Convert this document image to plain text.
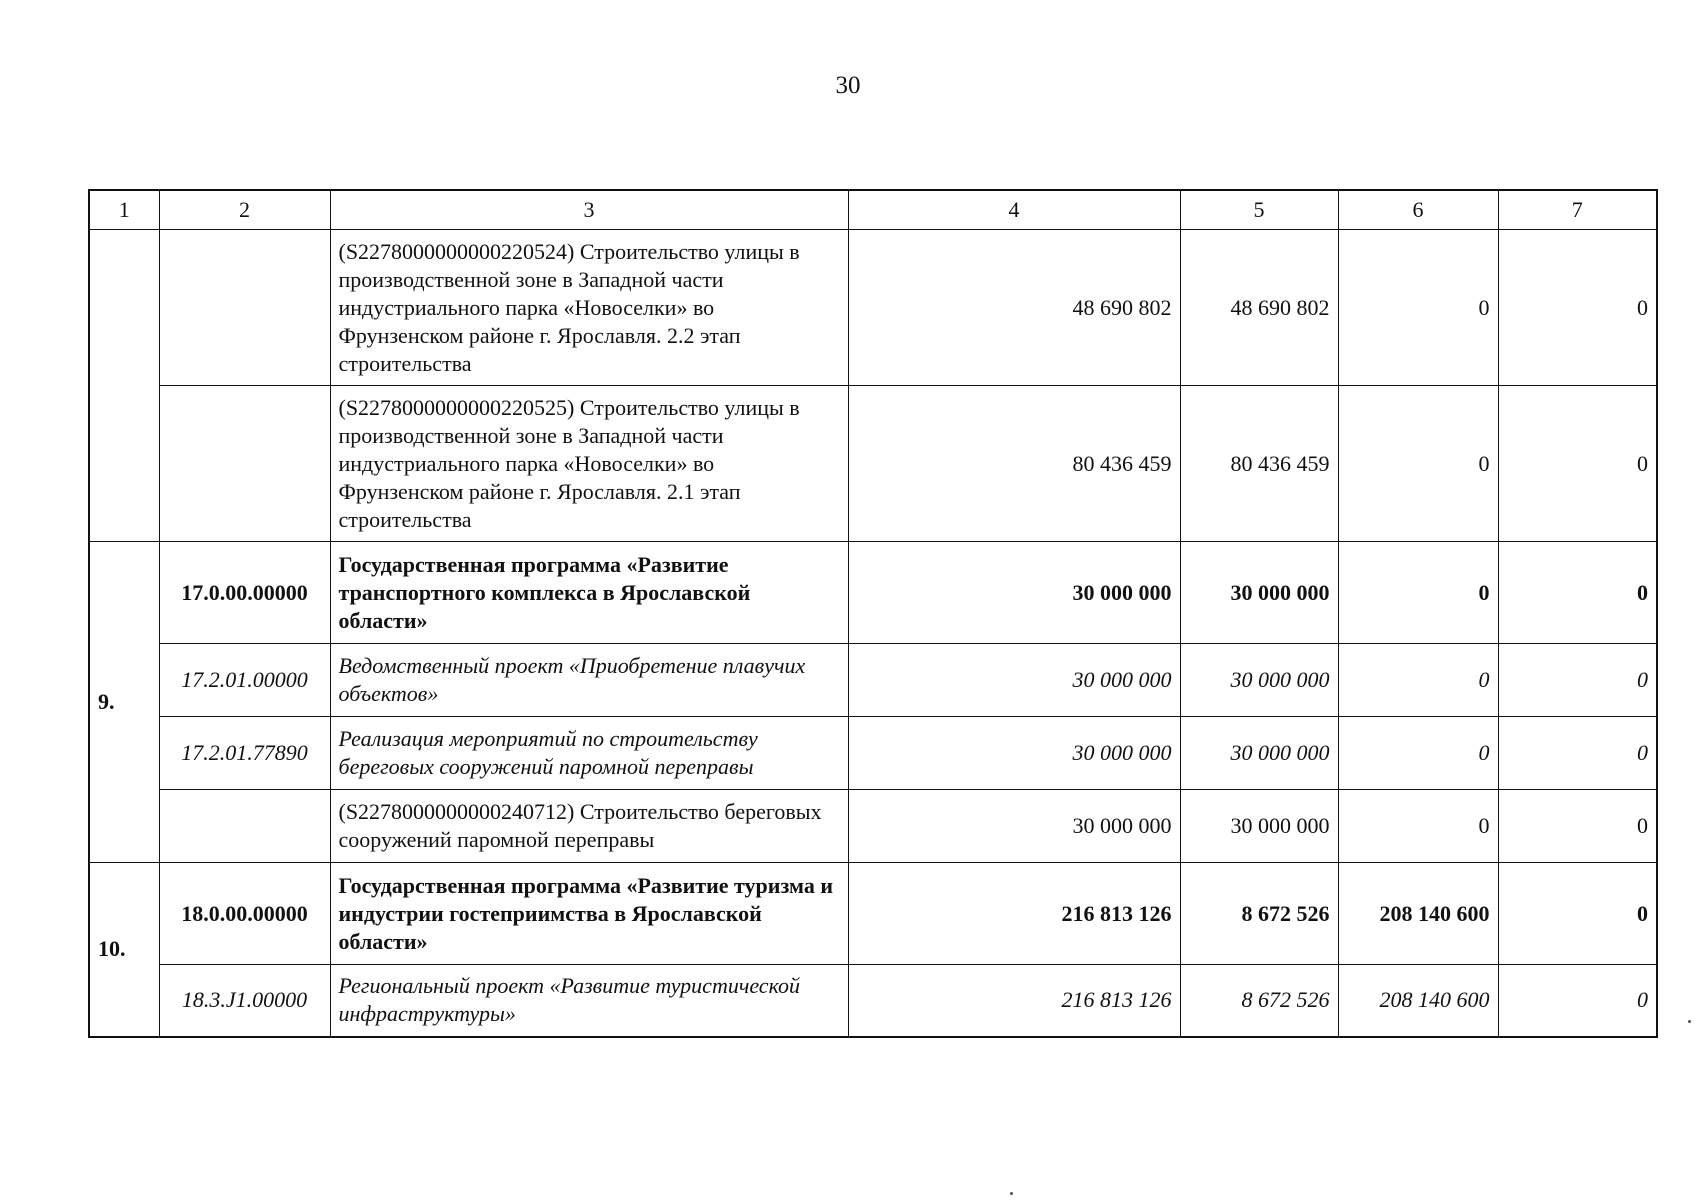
30
1	2	3	4	5	6	7
		(S2278000000000220524) Строительство улицы в производственной зоне в Западной части индустриального парка «Новоселки» во Фрунзенском районе г. Ярославля. 2.2 этап строительства	48 690 802	48 690 802	0	0
		(S2278000000000220525) Строительство улицы в производственной зоне в Западной части индустриального парка «Новоселки» во Фрунзенском районе г. Ярославля. 2.1 этап строительства	80 436 459	80 436 459	0	0
9.	17.0.00.00000	Государственная программа «Развитие транспортного комплекса в Ярославской области»	30 000 000	30 000 000	0	0
	17.2.01.00000	Ведомственный проект «Приобретение плавучих объектов»	30 000 000	30 000 000	0	0
	17.2.01.77890	Реализация мероприятий по строительству береговых сооружений паромной переправы	30 000 000	30 000 000	0	0
		(S2278000000000240712) Строительство береговых сооружений паромной переправы	30 000 000	30 000 000	0	0
10.	18.0.00.00000	Государственная программа «Развитие туризма и индустрии гостеприимства в Ярославской области»	216 813 126	8 672 526	208 140 600	0
	18.3.J1.00000	Региональный проект «Развитие туристической инфраструктуры»	216 813 126	8 672 526	208 140 600	0
